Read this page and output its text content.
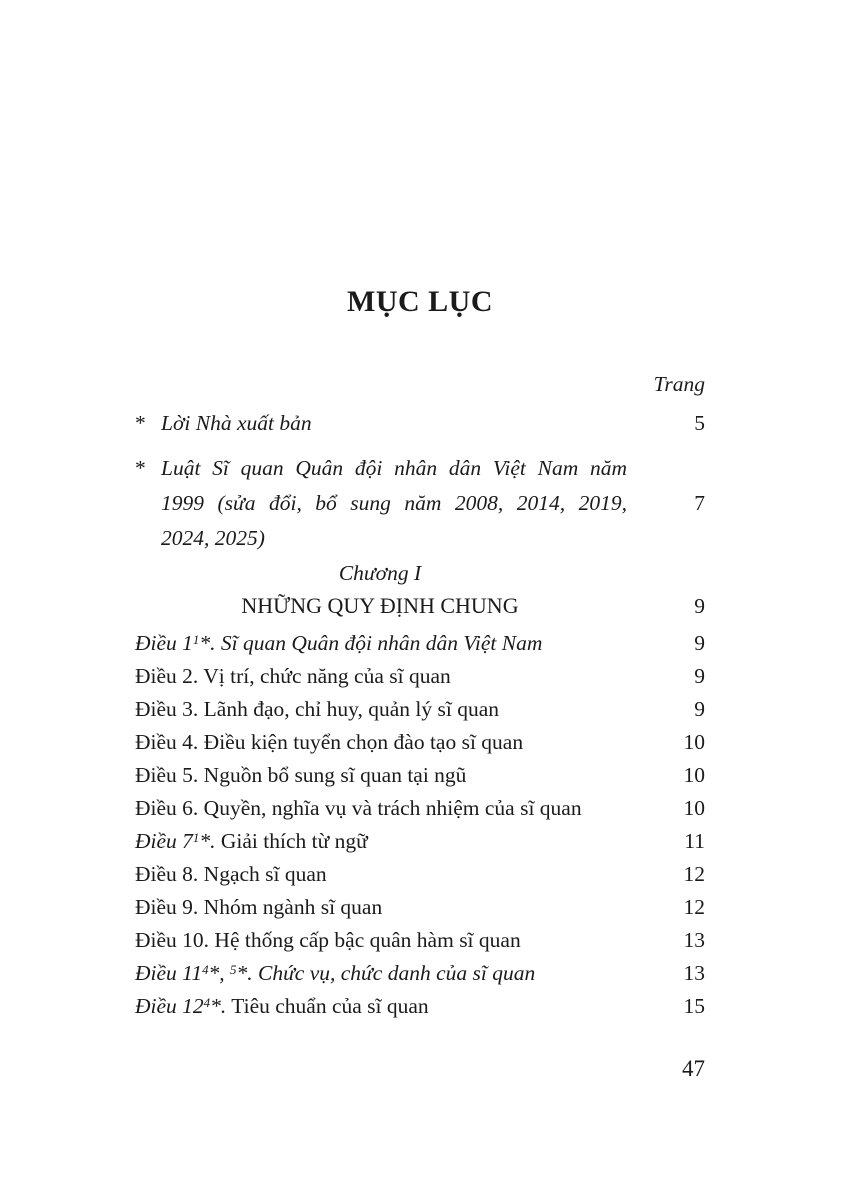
MỤC LỤC
Trang
* Lời Nhà xuất bản	5
* Luật Sĩ quan Quân đội nhân dân Việt Nam năm
1999 (sửa đổi, bổ sung năm 2008, 2014, 2019,
2024, 2025)
7
Chương I
NHỮNG QUY ĐỊNH CHUNG	9
Điều $1^1*$. Sĩ quan Quân đội nhân dân Việt Nam	9
Điều 2. Vị trí, chức năng của sĩ quan	9
Điều 3. Lãnh đạo, chỉ huy, quản lý sĩ quan	9
Điều 4. Điều kiện tuyển chọn đào tạo sĩ quan	10
Điều 5. Nguồn bổ sung sĩ quan tại ngũ	10
Điều 6. Quyền, nghĩa vụ và trách nhiệm của sĩ quan	10
Điều $7^1*$. Giải thích từ ngữ	11
Điều 8. Ngạch sĩ quan	12
Điều 9. Nhóm ngành sĩ quan	12
Điều 10. Hệ thống cấp bậc quân hàm sĩ quan	13
Điều $11^4*$, $^5$*. Chức vụ, chức danh của sĩ quan	13
Điều $12^4*$. Tiêu chuẩn của sĩ quan	15
47
